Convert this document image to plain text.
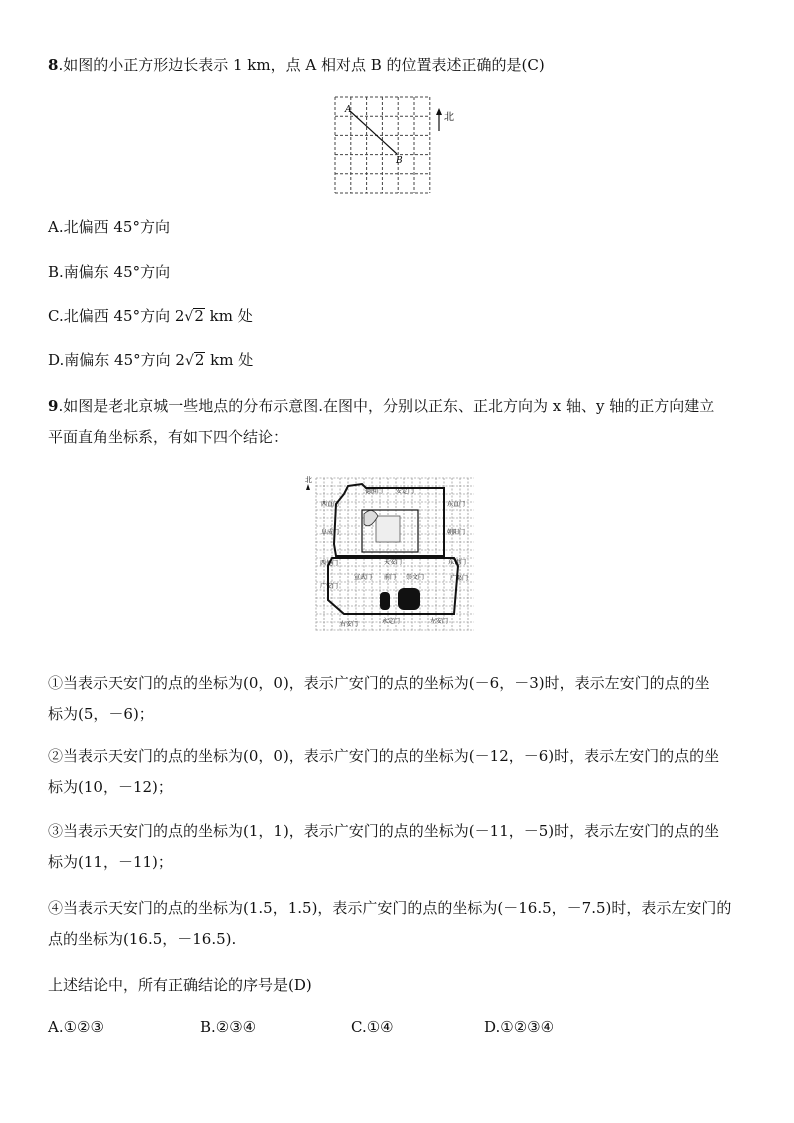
8.如图的小正方形边长表示 1 km，点 A 相对点 B 的位置表述正确的是(C)
A
B
北
A.北偏西 45°方向
B.南偏东 45°方向
C.北偏西 45°方向 2√2 km 处
D.南偏东 45°方向 2√2 km 处
9.如图是老北京城一些地点的分布示意图.在图中，分别以正东、正北方向为 x 轴、y 轴的正方向建立
平面直角坐标系，有如下四个结论：
北
德胜门 安定门
西直门	东直门
阜成门	朝阳门
西便门	天安门	东便门
宣武门 前门 崇文门
广安门
广渠门
右安门	永定门	左安门
①当表示天安门的点的坐标为(0，0)，表示广安门的点的坐标为(－6，－3)时，表示左安门的点的坐
标为(5，－6)；
②当表示天安门的点的坐标为(0，0)，表示广安门的点的坐标为(－12，－6)时，表示左安门的点的坐
标为(10，－12)；
③当表示天安门的点的坐标为(1，1)，表示广安门的点的坐标为(－11，－5)时，表示左安门的点的坐
标为(11，－11)；
④当表示天安门的点的坐标为(1.5，1.5)，表示广安门的点的坐标为(－16.5，－7.5)时，表示左安门的
点的坐标为(16.5，－16.5).
上述结论中，所有正确结论的序号是(D)
A.①②③	B.②③④	C.①④	D.①②③④
